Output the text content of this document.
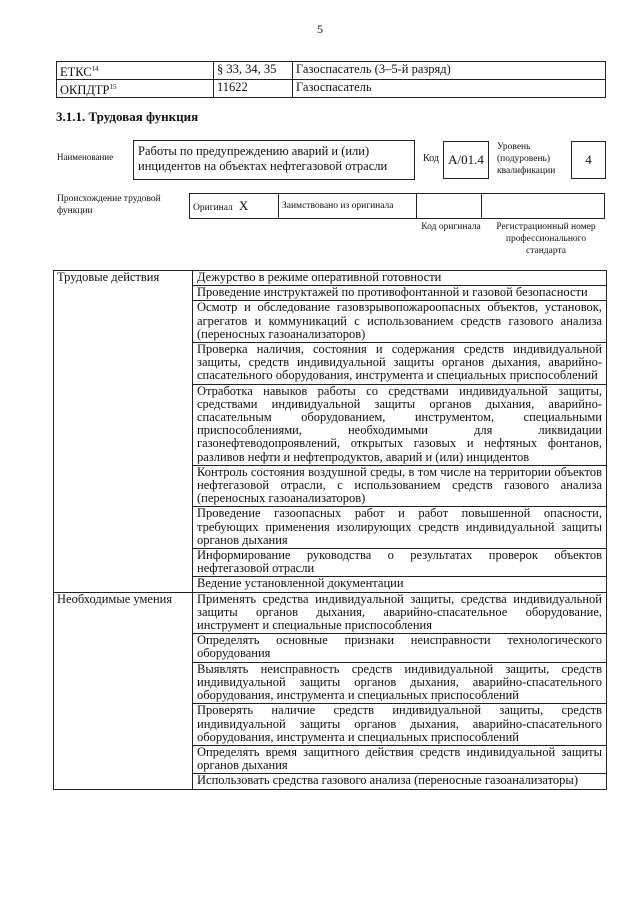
5
ЕТКС$^{14}$	§ 33, 34, 35	Газоспасатель (3–5-й разряд)
ОКПДТР$^{15}$	11622	Газоспасатель
3.1.1. Трудовая функция
Наименование	Работы по предупреждению аварий и (или) инцидентов на объектах нефтегазовой отрасли
Код А/01.4
Уровень (подуровень) квалификации
4
Происхождение трудовой функции	Оригинал X	Заимствовано из оригинала		
Код оригинала	Регистрационный номер профессионального стандарта
Трудовые действия	Дежурство в режиме оперативной готовности
	Проведение инструктажей по противофонтанной и газовой безопасности
	Осмотр и обследование газовзрывопожароопасных объектов, установок, агрегатов и коммуникаций с использованием средств газового анализа (переносных газоанализаторов)
	Проверка наличия, состояния и содержания средств индивидуальной защиты, средств индивидуальной защиты органов дыхания, аварийно-спасательного оборудования, инструмента и специальных приспособлений
	Отработка навыков работы со средствами индивидуальной защиты, средствами индивидуальной защиты органов дыхания, аварийно-спасательным оборудованием, инструментом, специальными приспособлениями, необходимыми для ликвидации газонефтеводопроявлений, открытых газовых и нефтяных фонтанов, разливов нефти и нефтепродуктов, аварий и (или) инцидентов
	Контроль состояния воздушной среды, в том числе на территории объектов нефтегазовой отрасли, с использованием средств газового анализа (переносных газоанализаторов)
	Проведение газоопасных работ и работ повышенной опасности, требующих применения изолирующих средств индивидуальной защиты органов дыхания
	Информирование руководства о результатах проверок объектов нефтегазовой отрасли
	Ведение установленной документации
Необходимые умения	Применять средства индивидуальной защиты, средства индивидуальной защиты органов дыхания, аварийно-спасательное оборудование, инструмент и специальные приспособления
	Определять основные признаки неисправности технологического оборудования
	Выявлять неисправность средств индивидуальной защиты, средств индивидуальной защиты органов дыхания, аварийно-спасательного оборудования, инструмента и специальных приспособлений
	Проверять наличие средств индивидуальной защиты, средств индивидуальной защиты органов дыхания, аварийно-спасательного оборудования, инструмента и специальных приспособлений
	Определять время защитного действия средств индивидуальной защиты органов дыхания
	Использовать средства газового анализа (переносные газоанализаторы)
